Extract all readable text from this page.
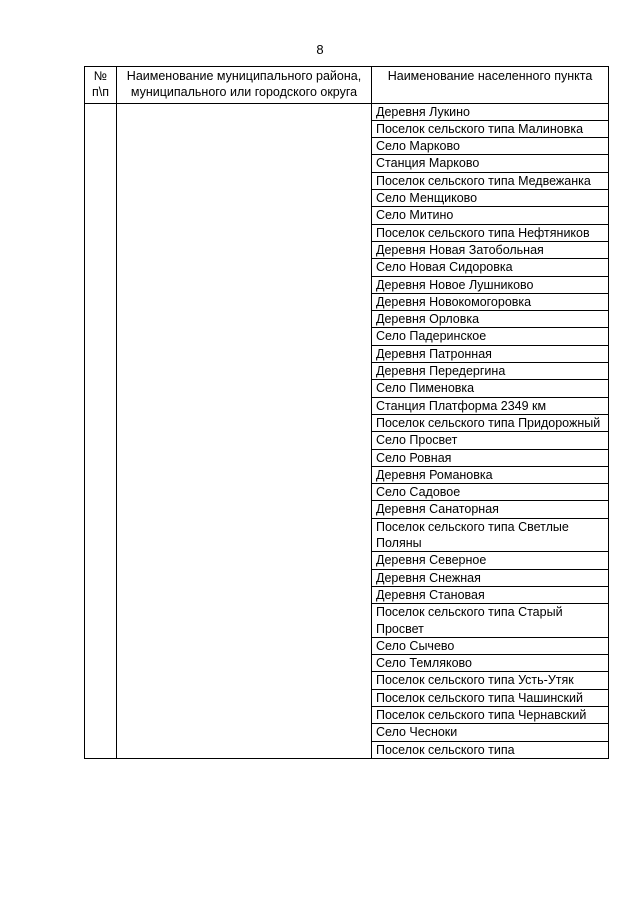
8
№ п\п	Наименование муниципального района, муниципального или городского округа	Наименование населенного пункта
		Деревня Лукино
		Поселок сельского типа Малиновка
		Село Марково
		Станция Марково
		Поселок сельского типа Медвежанка
		Село Менщиково
		Село Митино
		Поселок сельского типа Нефтяников
		Деревня Новая Затобольная
		Село Новая Сидоровка
		Деревня Новое Лушниково
		Деревня Новокомогоровка
		Деревня Орловка
		Село Падеринское
		Деревня Патронная
		Деревня Передергина
		Село Пименовка
		Станция Платформа 2349 км
		Поселок сельского типа Придорожный
		Село Просвет
		Село Ровная
		Деревня Романовка
		Село Садовое
		Деревня Санаторная
		Поселок сельского типа Светлые Поляны
		Деревня Северное
		Деревня Снежная
		Деревня Становая
		Поселок сельского типа Старый Просвет
		Село Сычево
		Село Темляково
		Поселок сельского типа Усть-Утяк
		Поселок сельского типа Чашинский
		Поселок сельского типа Чернавский
		Село Чесноки
		Поселок сельского типа
